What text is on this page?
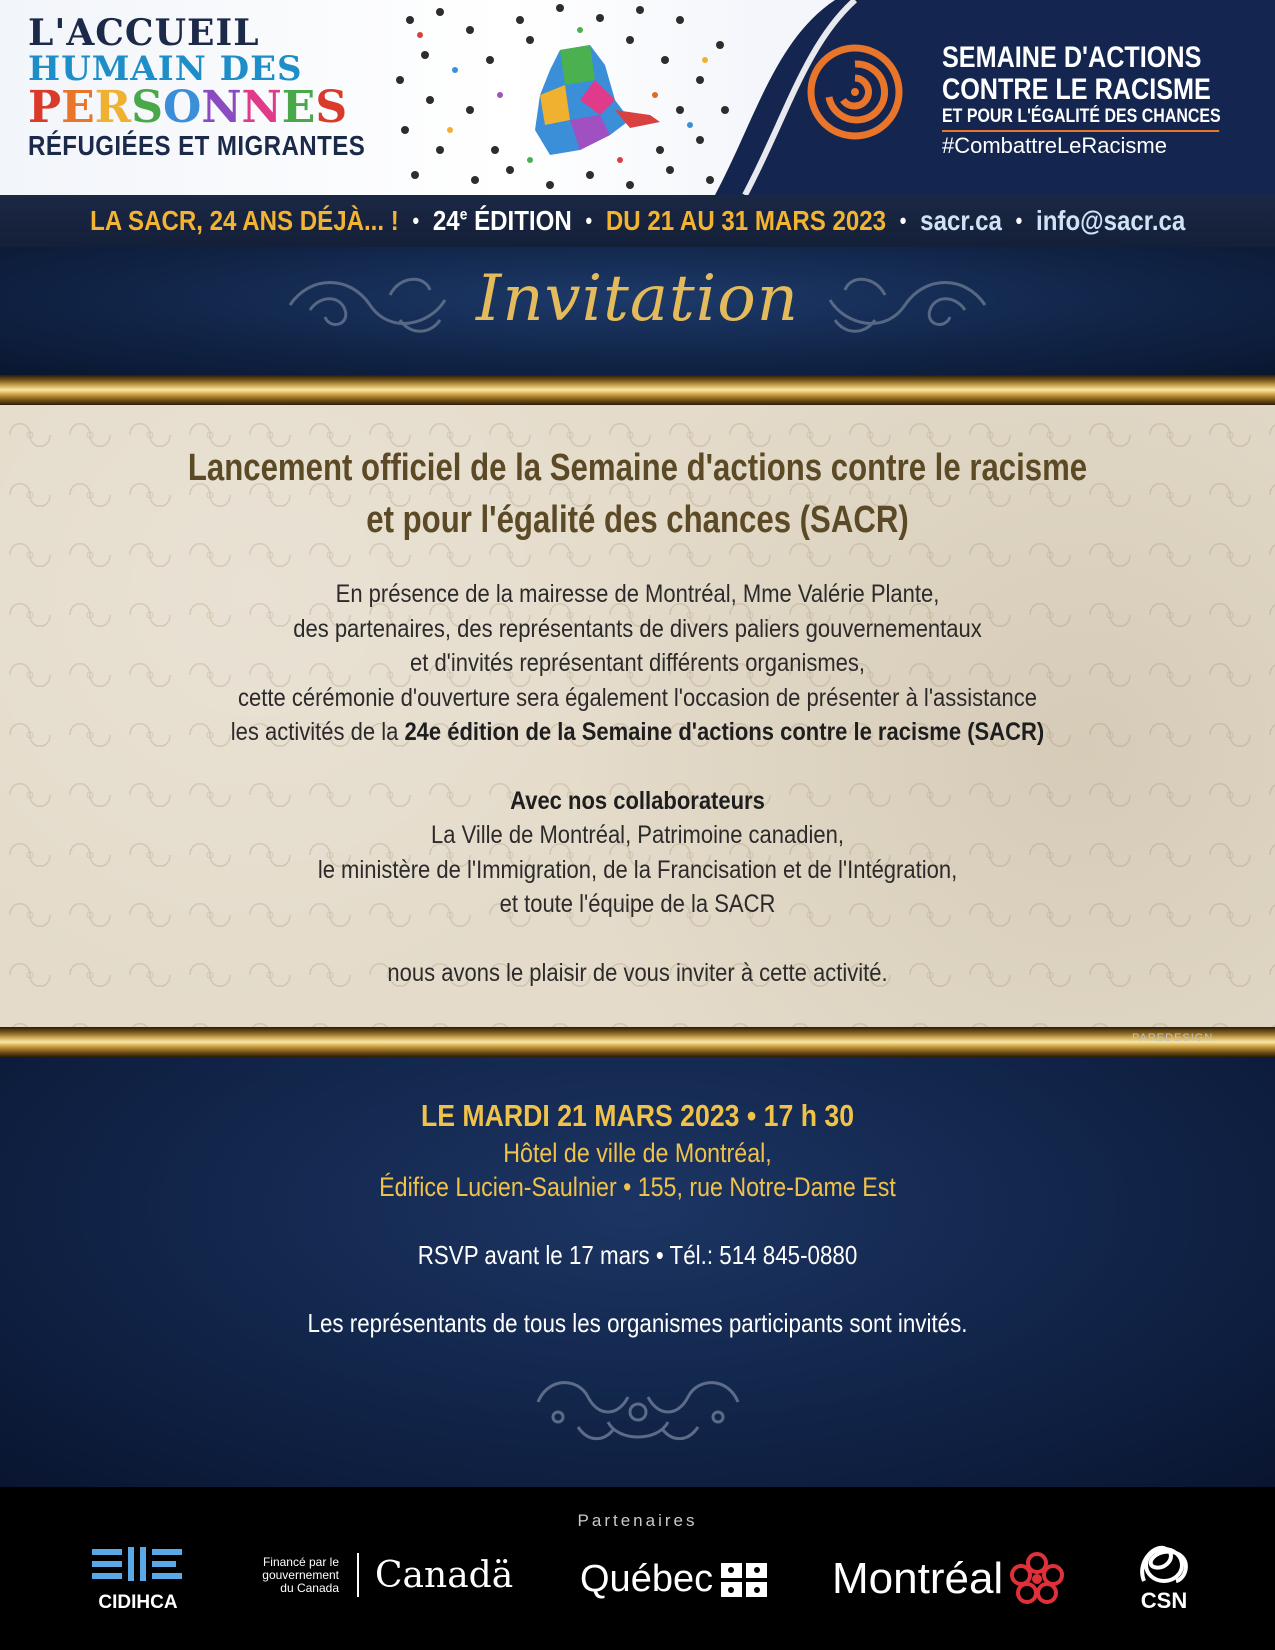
L'ACCUEIL
HUMAIN DES
PERSONNES
RÉFUGIÉES ET MIGRANTES
SEMAINE D'ACTIONS
CONTRE LE RACISME
ET POUR L'ÉGALITÉ DES CHANCES
#CombattreLeRacisme
LA SACR, 24 ANS DÉJÀ... ! • 24e ÉDITION • DU 21 AU 31 MARS 2023 • sacr.ca • info@sacr.ca
Invitation
Lancement officiel de la Semaine d'actions contre le racisme
et pour l'égalité des chances (SACR)
En présence de la mairesse de Montréal, Mme Valérie Plante,
des partenaires, des représentants de divers paliers gouvernementaux
et d'invités représentant différents organismes,
cette cérémonie d'ouverture sera également l'occasion de présenter à l'assistance
les activités de la 24e édition de la Semaine d'actions contre le racisme (SACR)
Avec nos collaborateurs
La Ville de Montréal, Patrimoine canadien,
le ministère de l'Immigration, de la Francisation et de l'Intégration,
et toute l'équipe de la SACR
nous avons le plaisir de vous inviter à cette activité.
PAREDESIGN
LE MARDI 21 MARS 2023 • 17 h 30
Hôtel de ville de Montréal,
Édifice Lucien-Saulnier • 155, rue Notre-Dame Est
RSVP avant le 17 mars • Tél.: 514 845-0880
Les représentants de tous les organismes participants sont invités.
Partenaires
CIDIHCA
Financé par le
gouvernement
du Canada Canadä Québec	Montréal	CSN
